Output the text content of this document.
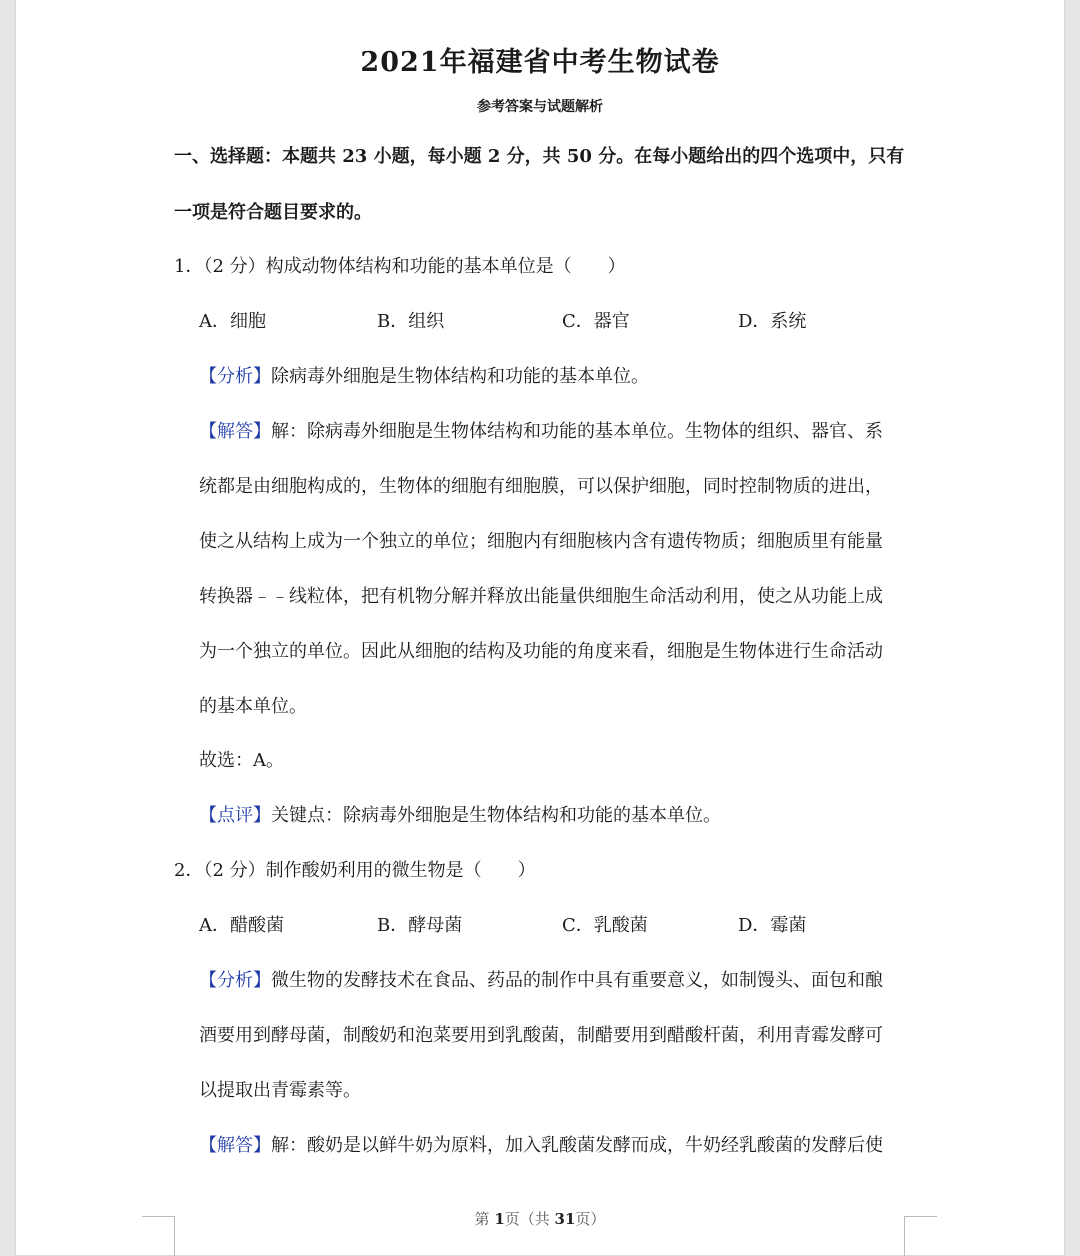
2021年福建省中考生物试卷
参考答案与试题解析
一、选择题：本题共 23 小题，每小题 2 分，共 50 分。在每小题给出的四个选项中，只有
一项是符合题目要求的。
1．（2 分）构成动物体结构和功能的基本单位是（　　）
A．细胞	B．组织	C．器官	D．系统
【分析】除病毒外细胞是生物体结构和功能的基本单位。
【解答】解：除病毒外细胞是生物体结构和功能的基本单位。生物体的组织、器官、系
统都是由细胞构成的，生物体的细胞有细胞膜，可以保护细胞，同时控制物质的进出，
使之从结构上成为一个独立的单位；细胞内有细胞核内含有遗传物质；细胞质里有能量
转换器﹣﹣线粒体，把有机物分解并释放出能量供细胞生命活动利用，使之从功能上成
为一个独立的单位。因此从细胞的结构及功能的角度来看，细胞是生物体进行生命活动
的基本单位。
故选：A。
【点评】关键点：除病毒外细胞是生物体结构和功能的基本单位。
2．（2 分）制作酸奶利用的微生物是（　　）
A．醋酸菌	B．酵母菌	C．乳酸菌	D．霉菌
【分析】微生物的发酵技术在食品、药品的制作中具有重要意义，如制馒头、面包和酿
酒要用到酵母菌，制酸奶和泡菜要用到乳酸菌，制醋要用到醋酸杆菌，利用青霉发酵可
以提取出青霉素等。
【解答】解：酸奶是以鲜牛奶为原料，加入乳酸菌发酵而成，牛奶经乳酸菌的发酵后使
第 1页（共 31页）
